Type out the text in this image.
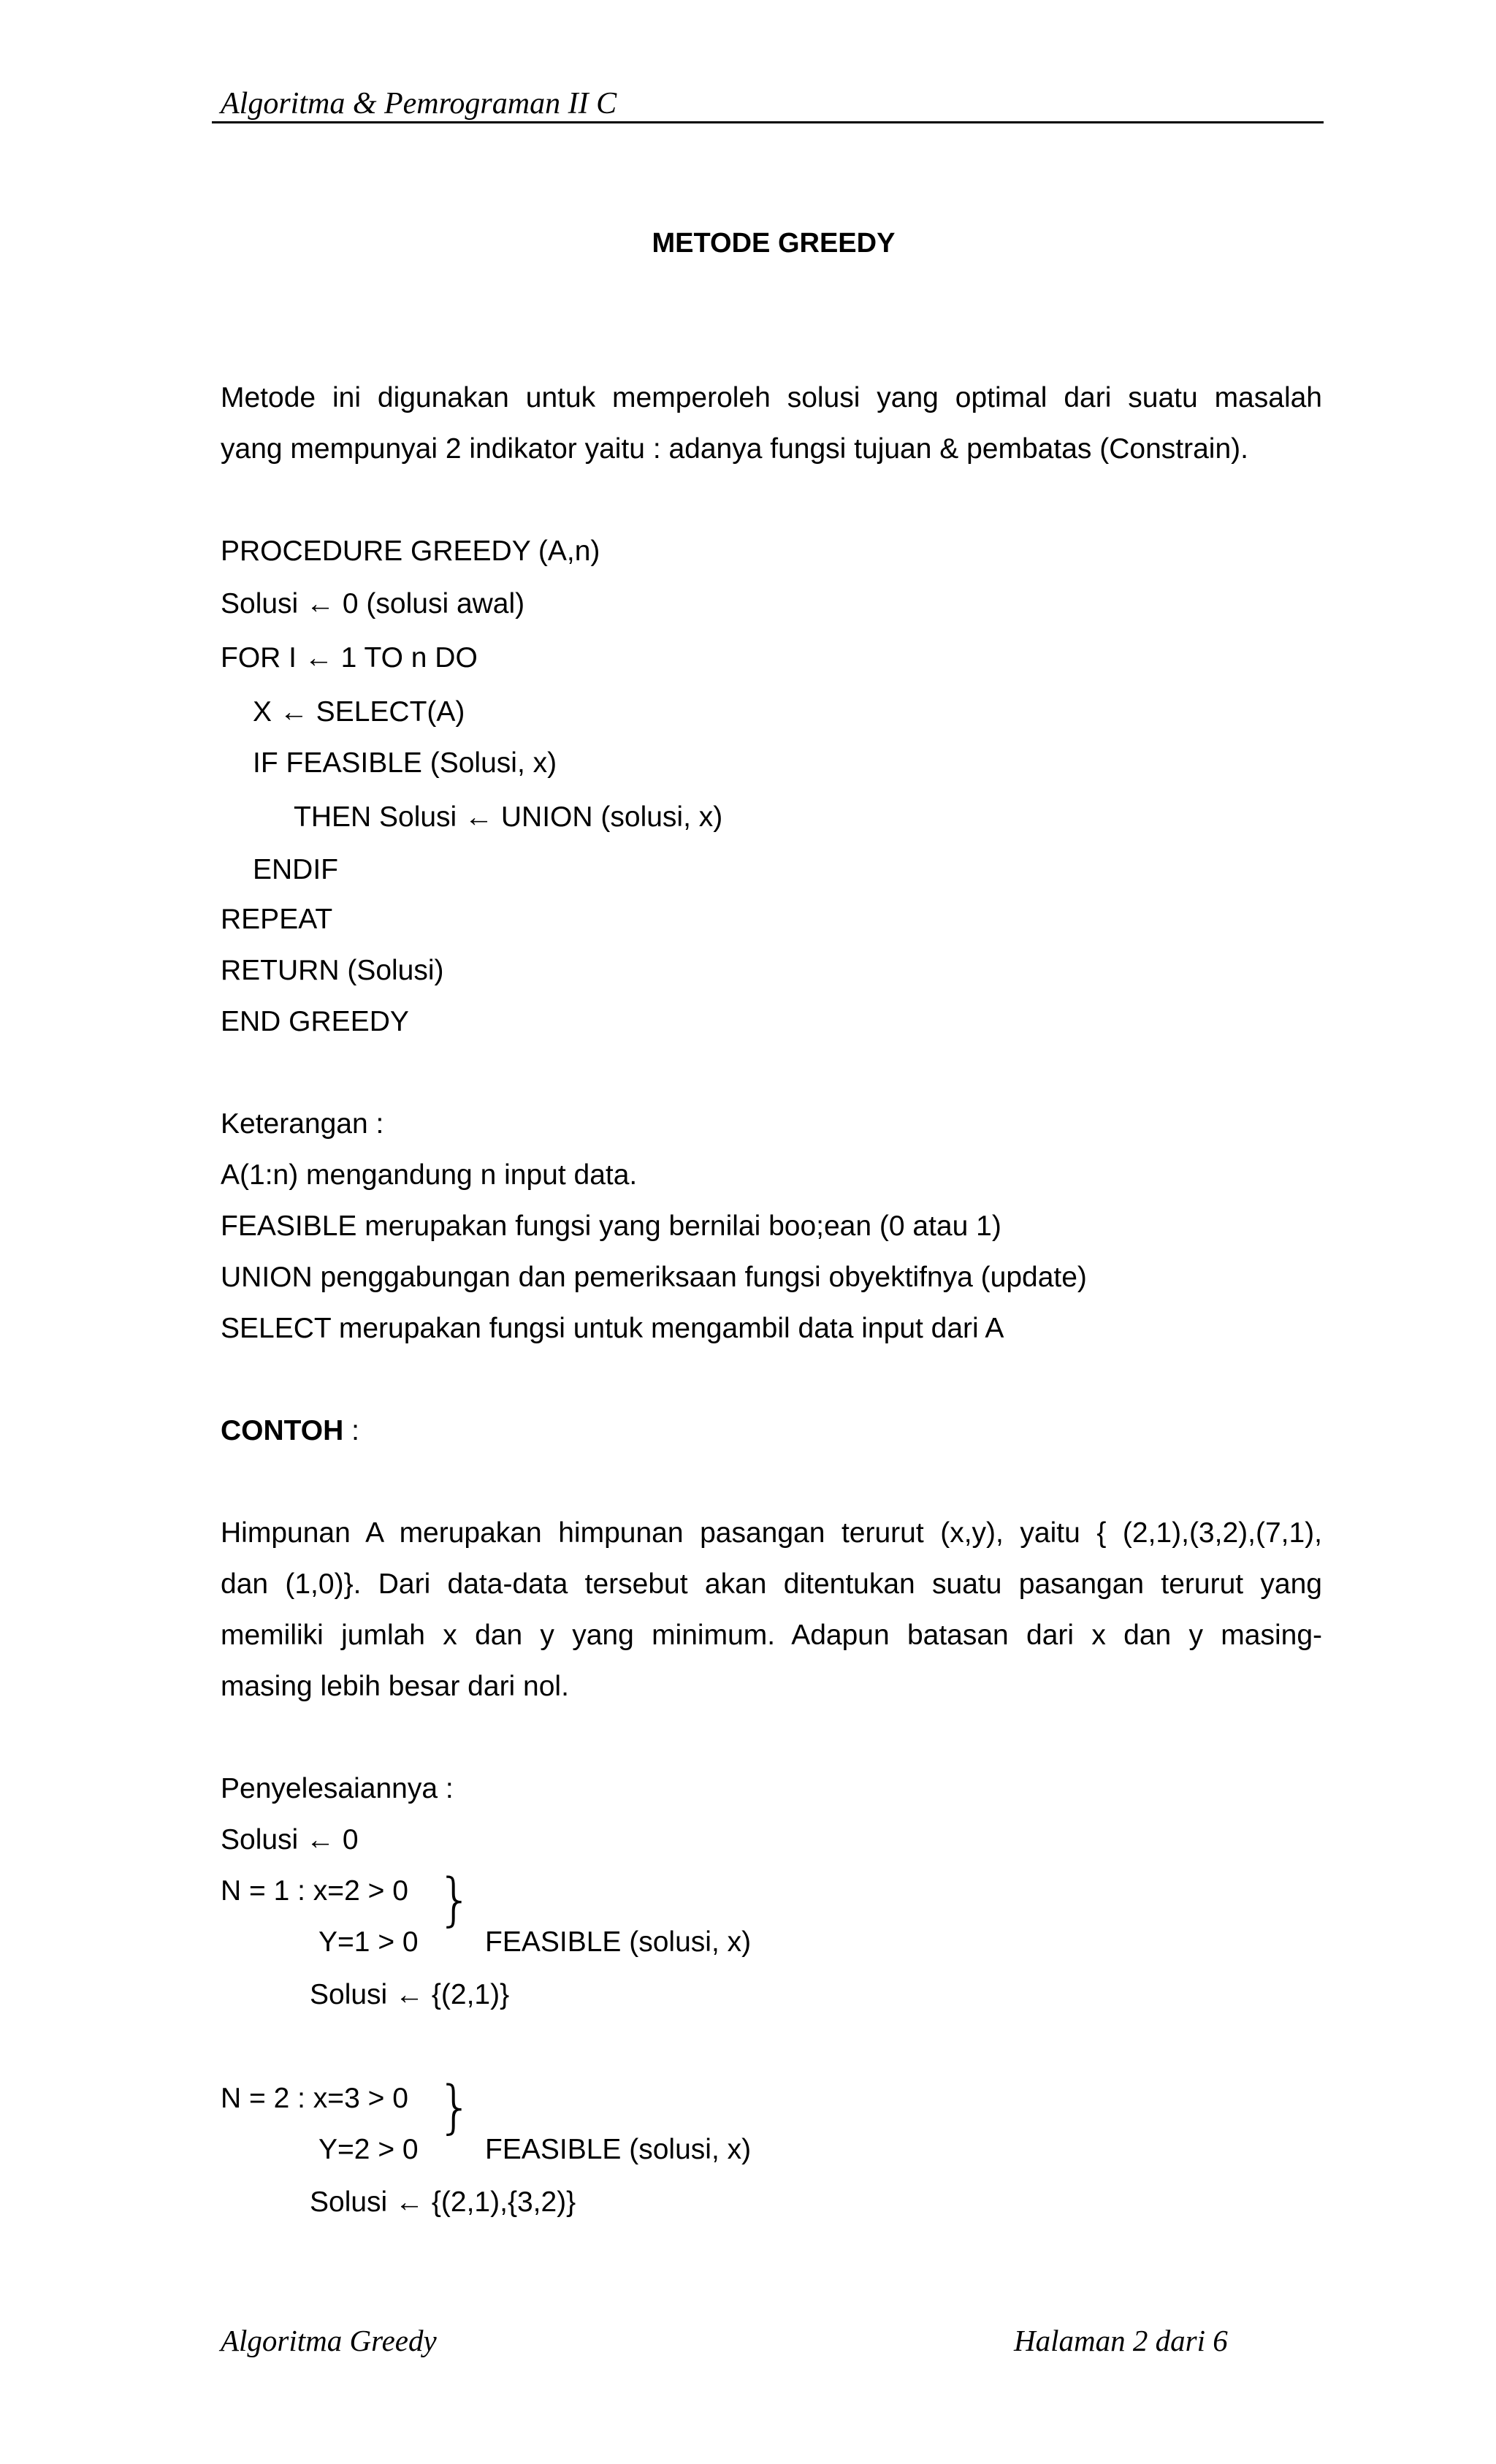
Algoritma & Pemrograman II C
METODE GREEDY
Metode ini digunakan untuk memperoleh solusi yang optimal dari suatu masalah
yang mempunyai 2 indikator yaitu : adanya fungsi tujuan & pembatas (Constrain).
PROCEDURE GREEDY (A,n)
Solusi ← 0 (solusi awal)
FOR I ← 1 TO n DO
X ← SELECT(A)
IF FEASIBLE (Solusi, x)
THEN Solusi ← UNION (solusi, x)
ENDIF
REPEAT
RETURN (Solusi)
END GREEDY
Keterangan :
A(1:n) mengandung n input data.
FEASIBLE merupakan fungsi yang bernilai boo;ean (0 atau 1)
UNION penggabungan dan pemeriksaan fungsi obyektifnya (update)
SELECT merupakan fungsi untuk mengambil data input dari A
CONTOH :
Himpunan A merupakan himpunan pasangan terurut (x,y), yaitu { (2,1),(3,2),(7,1),
dan (1,0)}. Dari data-data tersebut akan ditentukan suatu pasangan terurut yang
memiliki jumlah x dan y yang minimum. Adapun batasan dari x dan y masing-
masing lebih besar dari nol.
Penyelesaiannya :
Solusi ← 0
N = 1 : x=2 > 0 }
Y=1 > 0 FEASIBLE (solusi, x)
Solusi ← {(2,1)}
N = 2 : x=3 > 0 }
Y=2 > 0 FEASIBLE (solusi, x)
Solusi ← {(2,1),{3,2)}
Algoritma Greedy	Halaman 2 dari 6
